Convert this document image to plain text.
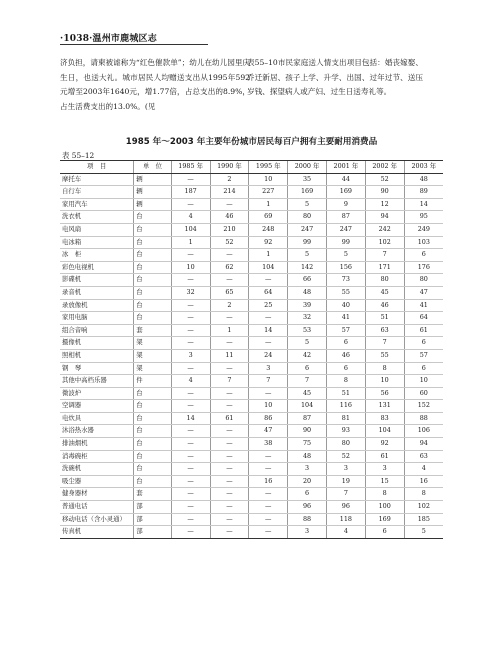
·1038·温州市鹿城区志
济负担，请柬被谑称为“红色催款单”；幼儿在幼儿园里庆生日，也送大礼。城市居民人均赠送支出从1995年592元增至2003年1640元，增1.77倍，占总支出的8.9%，占生活费支出的13.0%。(见
表55–10市民家庭送人情支出项目包括：婚丧嫁娶、乔迁新居、孩子上学、升学、出国、过年过节、送压岁钱、探望病人或产妇、过生日送寿礼等。
1985 年～2003 年主要年份城市居民每百户拥有主要耐用消费品
表 55–12
项　目	单　位	1985 年	1990 年	1995 年	2000 年	2001 年	2002 年	2003 年
摩托车	辆	—	2	10	35	44	52	48
自行车	辆	187	214	227	169	169	90	89
家用汽车	辆	—	—	1	5	9	12	14
洗衣机	台	4	46	69	80	87	94	95
电风扇	台	104	210	248	247	247	242	249
电冰箱	台	1	52	92	99	99	102	103
冰　柜	台	—	—	1	5	5	7	6
彩色电视机	台	10	62	104	142	156	171	176
影碟机	台	—	—	—	66	73	80	80
录音机	台	32	65	64	48	55	45	47
录放像机	台	—	2	25	39	40	46	41
家用电脑	台	—	—	—	32	41	51	64
组合音响	套	—	1	14	53	57	63	61
摄像机	架	—	—	—	5	6	7	6
照相机	架	3	11	24	42	46	55	57
钢　琴	架	—	—	3	6	6	8	6
其他中高档乐器	件	4	7	7	7	8	10	10
微波炉	台	—	—	—	45	51	56	60
空调器	台	—	—	10	104	116	131	152
电炊具	台	14	61	86	87	81	83	88
沐浴热水器	台	—	—	47	90	93	104	106
排油烟机	台	—	—	38	75	80	92	94
消毒碗柜	台	—	—	—	48	52	61	63
洗碗机	台	—	—	—	3	3	3	4
吸尘器	台	—	—	16	20	19	15	16
健身器材	套	—	—	—	6	7	8	8
普通电话	部	—	—	—	96	96	100	102
移动电话（含小灵通）	部	—	—	—	88	118	169	185
传真机	部	—	—	—	3	4	6	5
